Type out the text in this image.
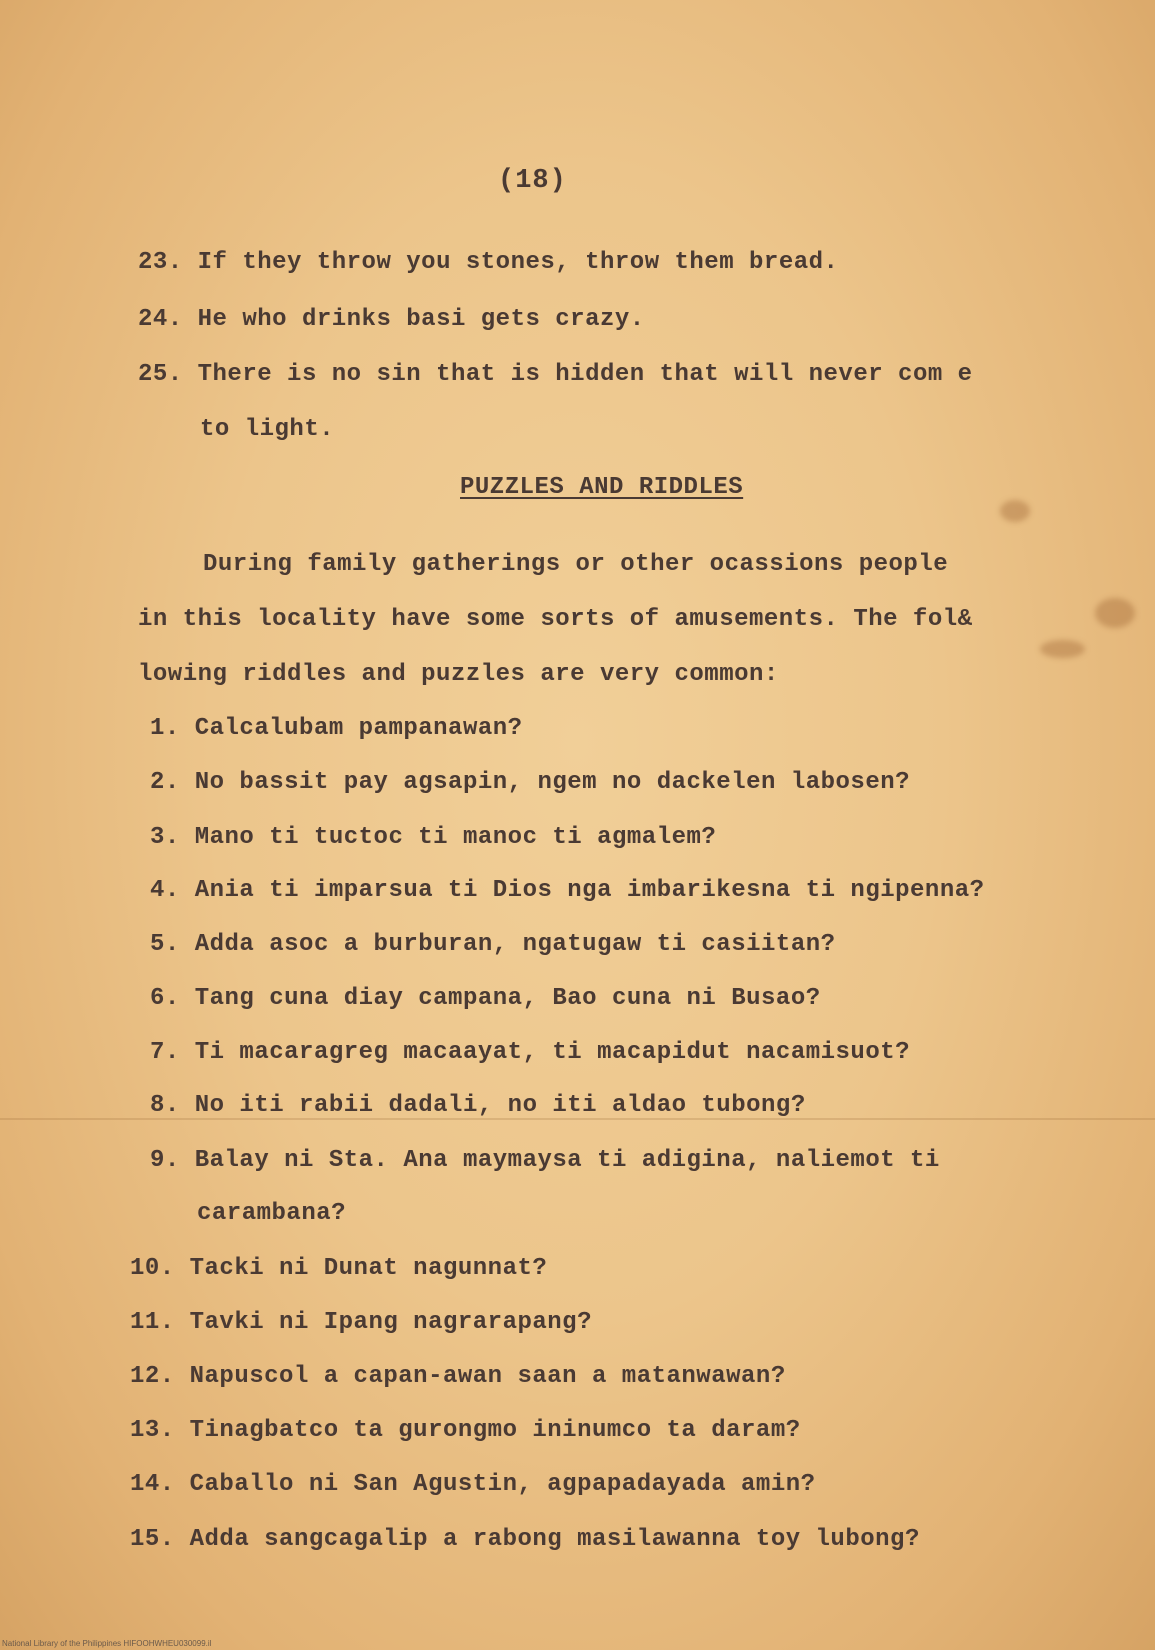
(18)
23. If they throw you stones, throw them bread.
24. He who drinks basi gets crazy.
25. There is no sin that is hidden that will never com e
to light.
PUZZLES AND RIDDLES
During family gatherings or other ocassions people
in this locality have some sorts of amusements. The fol&
lowing riddles and puzzles are very common:
1. Calcalubam pampanawan?
2. No bassit pay agsapin, ngem no dackelen labosen?
3. Mano ti tuctoc ti manoc ti agmalem?
4. Ania ti imparsua ti Dios nga imbarikesna ti ngipenna?
5. Adda asoc a burburan, ngatugaw ti casiitan?
6. Tang cuna diay campana, Bao cuna ni Busao?
7. Ti macaragreg macaayat, ti macapidut nacamisuot?
8. No iti rabii dadali, no iti aldao tubong?
9. Balay ni Sta. Ana maymaysa ti adigina, naliemot ti
carambana?
10. Tacki ni Dunat nagunnat?
11. Tavki ni Ipang nagrarapang?
12. Napuscol a capan-awan saan a matanwawan?
13. Tinagbatco ta gurongmo ininumco ta daram?
14. Caballo ni San Agustin, agpapadayada amin?
15. Adda sangcagalip a rabong masilawanna toy lubong?
National Library of the Philippines HIFOOHWHEU030099.il
